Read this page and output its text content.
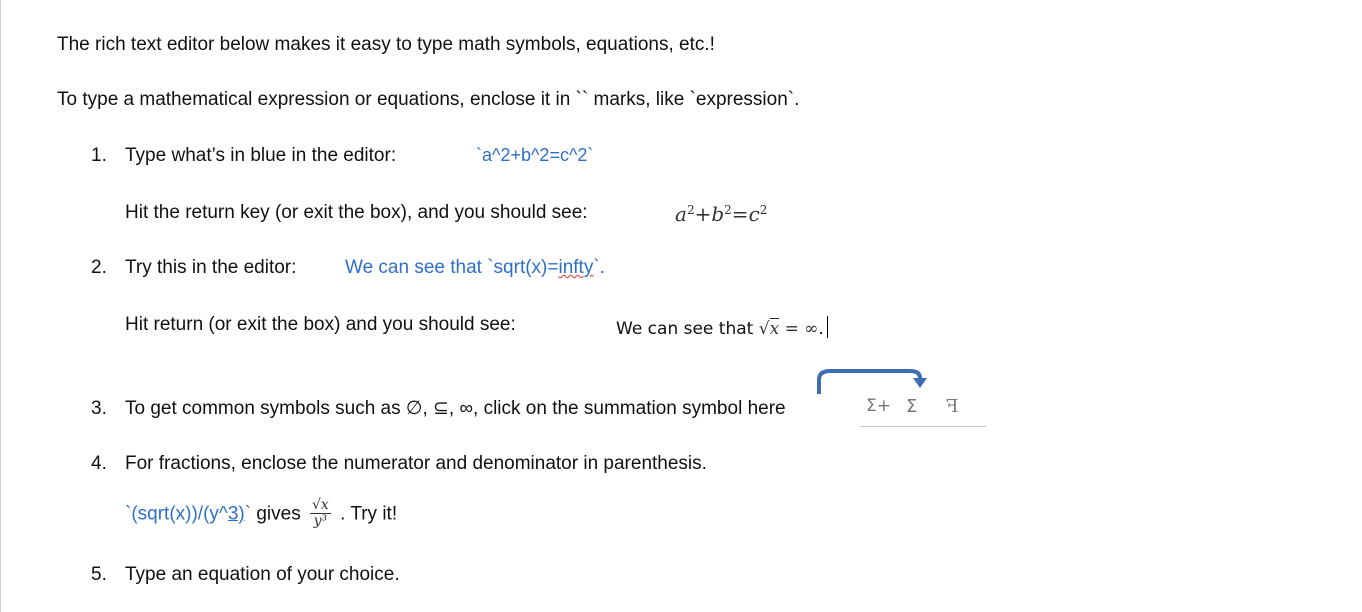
The rich text editor below makes it easy to type math symbols, equations, etc.!
To type a mathematical expression or equations, enclose it in `` marks, like `expression`.
1. Type what’s in blue in the editor:	`a^2+b^2=c^2`
Hit the return key (or exit the box), and you should see:	$a^2+b^2=c^2$
2. Try this in the editor:	We can see that `sqrt(x)=infty`.
Hit return (or exit the box) and you should see:	We can see that √x = ∞.
3. To get common symbols such as ∅, ⊆, ∞, click on the summation symbol here	Σ+ Σ ꟻ
4. For fractions, enclose the numerator and denominator in parenthesis.
`(sqrt(x))/(y^3)` gives $\frac{√x}{\text{y³}}$ . Try it!
5. Type an equation of your choice.
